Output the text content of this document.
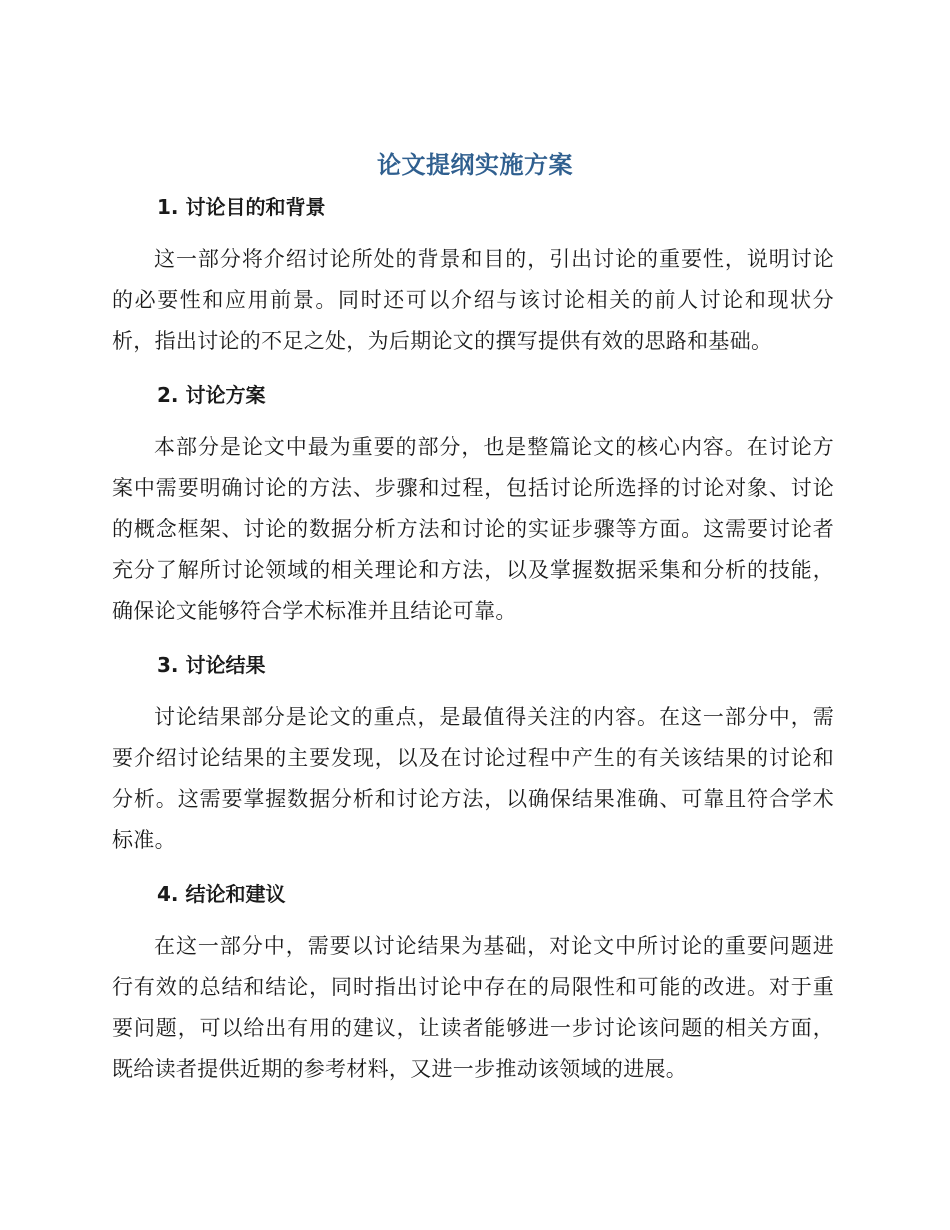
论文提纲实施方案
1. 讨论目的和背景

这一部分将介绍讨论所处的背景和目的，引出讨论的重要性，说明讨论的必要性和应用前景。同时还可以介绍与该讨论相关的前人讨论和现状分析，指出讨论的不足之处，为后期论文的撰写提供有效的思路和基础。

2. 讨论方案

本部分是论文中最为重要的部分，也是整篇论文的核心内容。在讨论方案中需要明确讨论的方法、步骤和过程，包括讨论所选择的讨论对象、讨论的概念框架、讨论的数据分析方法和讨论的实证步骤等方面。这需要讨论者充分了解所讨论领域的相关理论和方法，以及掌握数据采集和分析的技能，确保论文能够符合学术标准并且结论可靠。

3. 讨论结果

讨论结果部分是论文的重点，是最值得关注的内容。在这一部分中，需要介绍讨论结果的主要发现，以及在讨论过程中产生的有关该结果的讨论和分析。这需要掌握数据分析和讨论方法，以确保结果准确、可靠且符合学术标准。

4. 结论和建议

在这一部分中，需要以讨论结果为基础，对论文中所讨论的重要问题进行有效的总结和结论，同时指出讨论中存在的局限性和可能的改进。对于重要问题，可以给出有用的建议，让读者能够进一步讨论该问题的相关方面，既给读者提供近期的参考材料，又进一步推动该领域的进展。
